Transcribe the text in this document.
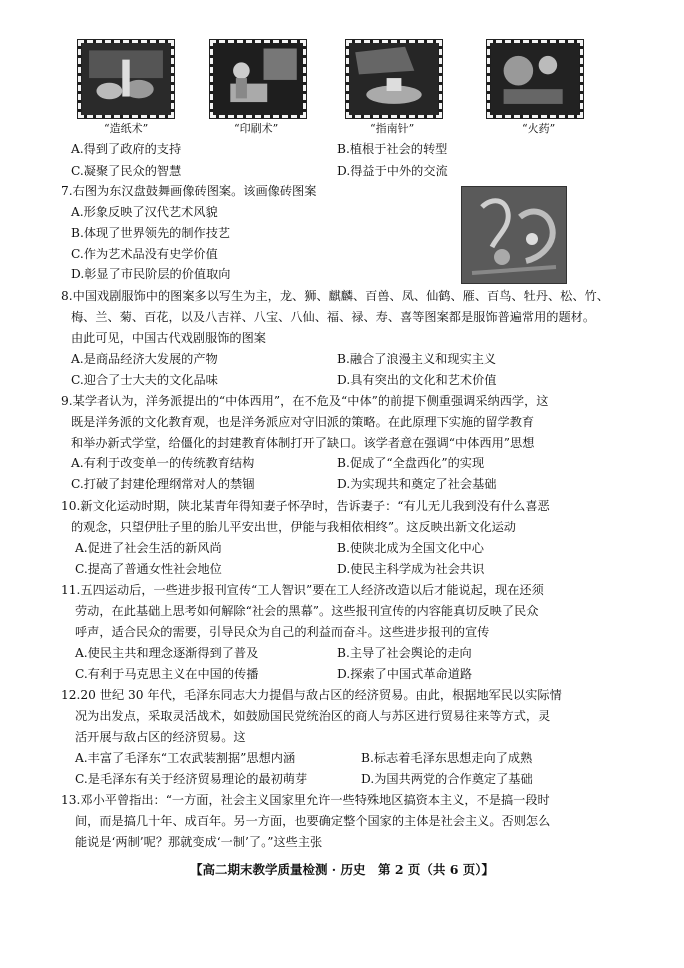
“造纸术”	“印刷术”	“指南针”	“火药”
A.得到了政府的支持	B.植根于社会的转型
C.凝聚了民众的智慧	D.得益于中外的交流
7.右图为东汉盘鼓舞画像砖图案。该画像砖图案
A.形象反映了汉代艺术风貌
B.体现了世界领先的制作技艺
C.作为艺术品没有史学价值
D.彰显了市民阶层的价值取向
8.中国戏剧服饰中的图案多以写生为主，龙、狮、麒麟、百兽、凤、仙鹤、雁、百鸟、牡丹、松、竹、
梅、兰、菊、百花，以及八吉祥、八宝、八仙、福、禄、寿、喜等图案都是服饰普遍常用的题材。
由此可见，中国古代戏剧服饰的图案
A.是商品经济大发展的产物	B.融合了浪漫主义和现实主义
C.迎合了士大夫的文化品味	D.具有突出的文化和艺术价值
9.某学者认为，洋务派提出的“中体西用”，在不危及“中体”的前提下侧重强调采纳西学，这
既是洋务派的文化教育观，也是洋务派应对守旧派的策略。在此原理下实施的留学教育
和举办新式学堂，给僵化的封建教育体制打开了缺口。该学者意在强调“中体西用”思想
A.有利于改变单一的传统教育结构	B.促成了“全盘西化”的实现
C.打破了封建伦理纲常对人的禁锢	D.为实现共和奠定了社会基础
10.新文化运动时期，陕北某青年得知妻子怀孕时，告诉妻子：“有儿无儿我到没有什么喜恶
的观念，只望伊肚子里的胎儿平安出世，伊能与我相依相终”。这反映出新文化运动
A.促进了社会生活的新风尚	B.使陕北成为全国文化中心
C.提高了普通女性社会地位	D.使民主科学成为社会共识
11.五四运动后，一些进步报刊宣传“工人智识”要在工人经济改造以后才能说起，现在还须
劳动，在此基础上思考如何解除“社会的黑幕”。这些报刊宣传的内容能真切反映了民众
呼声，适合民众的需要，引导民众为自己的利益而奋斗。这些进步报刊的宣传
A.使民主共和理念逐渐得到了普及	B.主导了社会舆论的走向
C.有利于马克思主义在中国的传播	D.探索了中国式革命道路
12.20 世纪 30 年代，毛泽东同志大力提倡与敌占区的经济贸易。由此，根据地军民以实际情
况为出发点，采取灵活战术，如鼓励国民党统治区的商人与苏区进行贸易往来等方式，灵
活开展与敌占区的经济贸易。这
A.丰富了毛泽东“工农武装割据”思想内涵	B.标志着毛泽东思想走向了成熟
C.是毛泽东有关于经济贸易理论的最初萌芽	D.为国共两党的合作奠定了基础
13.邓小平曾指出：“一方面，社会主义国家里允许一些特殊地区搞资本主义，不是搞一段时
间，而是搞几十年、成百年。另一方面，也要确定整个国家的主体是社会主义。否则怎么
能说是‘两制’呢？那就变成‘一制’了。”这些主张
【高二期末教学质量检测 · 历史　第 2 页（共 6 页）】
